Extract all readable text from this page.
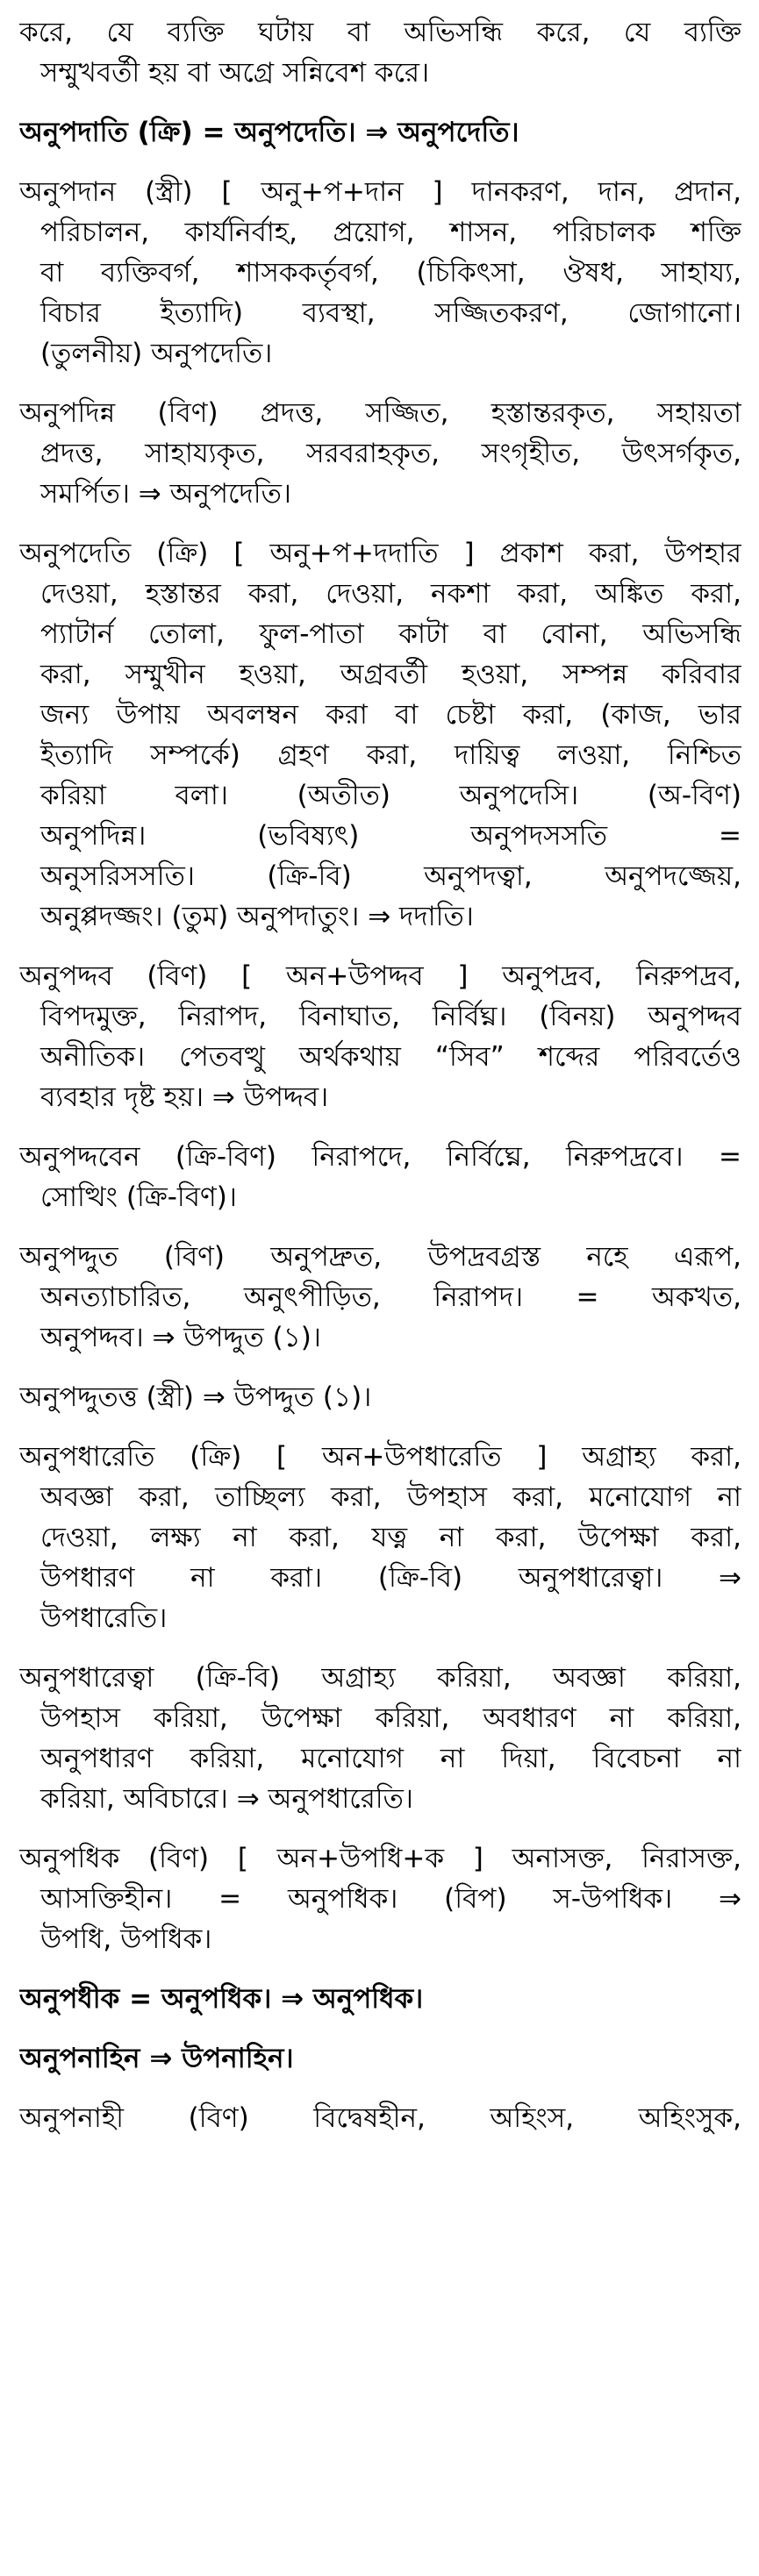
করে, যে ব্যক্তি ঘটায় বা অভিসন্ধি করে, যে ব্যক্তি
সম্মুখবর্তী হয় বা অগ্রে সন্নিবেশ করে।
অনুপদাতি (ক্রি) = অনুপদেতি। ⇒ অনুপদেতি।
অনুপদান (স্ত্রী) [ অনু+প+দান ] দানকরণ, দান, প্রদান,
পরিচালন, কার্যনির্বাহ, প্রয়োগ, শাসন, পরিচালক শক্তি
বা ব্যক্তিবর্গ, শাসককর্তৃবর্গ, (চিকিৎসা, ঔষধ, সাহায্য,
বিচার ইত্যাদি) ব্যবস্থা, সজ্জিতকরণ, জোগানো।
(তুলনীয়) অনুপদেতি।
অনুপদিন্ন (বিণ) প্রদত্ত, সজ্জিত, হস্তান্তরকৃত, সহায়তা
প্রদত্ত, সাহায্যকৃত, সরবরাহকৃত, সংগৃহীত, উৎসর্গকৃত,
সমর্পিত। ⇒ অনুপদেতি।
অনুপদেতি (ক্রি) [ অনু+প+দদাতি ] প্রকাশ করা, উপহার
দেওয়া, হস্তান্তর করা, দেওয়া, নকশা করা, অঙ্কিত করা,
প্যাটার্ন তোলা, ফুল-পাতা কাটা বা বোনা, অভিসন্ধি
করা, সম্মুখীন হওয়া, অগ্রবর্তী হওয়া, সম্পন্ন করিবার
জন্য উপায় অবলম্বন করা বা চেষ্টা করা, (কাজ, ভার
ইত্যাদি সম্পর্কে) গ্রহণ করা, দায়িত্ব লওয়া, নিশ্চিত
করিয়া বলা। (অতীত) অনুপদেসি। (অ-বিণ)
অনুপদিন্ন। (ভবিষ্যৎ) অনুপদসসতি =
অনুসরিসসতি। (ক্রি-বি) অনুপদত্বা, অনুপদজ্জেয়,
অনুপ্পদজ্জং। (তুম) অনুপদাতুং। ⇒ দদাতি।
অনুপদ্দব (বিণ) [ অন+উপদ্দব ] অনুপদ্রব, নিরুপদ্রব,
বিপদমুক্ত, নিরাপদ, বিনাঘাত, নির্বিঘ্ন। (বিনয়) অনুপদ্দব
অনীতিক। পেতবত্থু অর্থকথায় “সিব” শব্দের পরিবর্তেও
ব্যবহার দৃষ্ট হয়। ⇒ উপদ্দব।
অনুপদ্দবেন (ক্রি-বিণ) নিরাপদে, নির্বিঘ্নে, নিরুপদ্রবে। =
সোত্থিং (ক্রি-বিণ)।
অনুপদ্দুত (বিণ) অনুপদ্রুত, উপদ্রবগ্রস্ত নহে এরূপ,
অনত্যাচারিত, অনুৎপীড়িত, নিরাপদ। = অকখত,
অনুপদ্দব। ⇒ উপদ্দুত (১)।
অনুপদ্দুতত্ত (স্ত্রী) ⇒ উপদ্দুত (১)।
অনুপধারেতি (ক্রি) [ অন+উপধারেতি ] অগ্রাহ্য করা,
অবজ্ঞা করা, তাচ্ছিল্য করা, উপহাস করা, মনোযোগ না
দেওয়া, লক্ষ্য না করা, যত্ন না করা, উপেক্ষা করা,
উপধারণ না করা। (ক্রি-বি) অনুপধারেত্বা। ⇒
উপধারেতি।
অনুপধারেত্বা (ক্রি-বি) অগ্রাহ্য করিয়া, অবজ্ঞা করিয়া,
উপহাস করিয়া, উপেক্ষা করিয়া, অবধারণ না করিয়া,
অনুপধারণ করিয়া, মনোযোগ না দিয়া, বিবেচনা না
করিয়া, অবিচারে। ⇒ অনুপধারেতি।
অনুপধিক (বিণ) [ অন+উপধি+ক ] অনাসক্ত, নিরাসক্ত,
আসক্তিহীন। = অনুপধিক। (বিপ) স-উপধিক। ⇒
উপধি, উপধিক।
অনুপধীক = অনুপধিক। ⇒ অনুপধিক।
অনুপনাহিন ⇒ উপনাহিন।
অনুপনাহী (বিণ) বিদ্বেষহীন, অহিংস, অহিংসুক,
